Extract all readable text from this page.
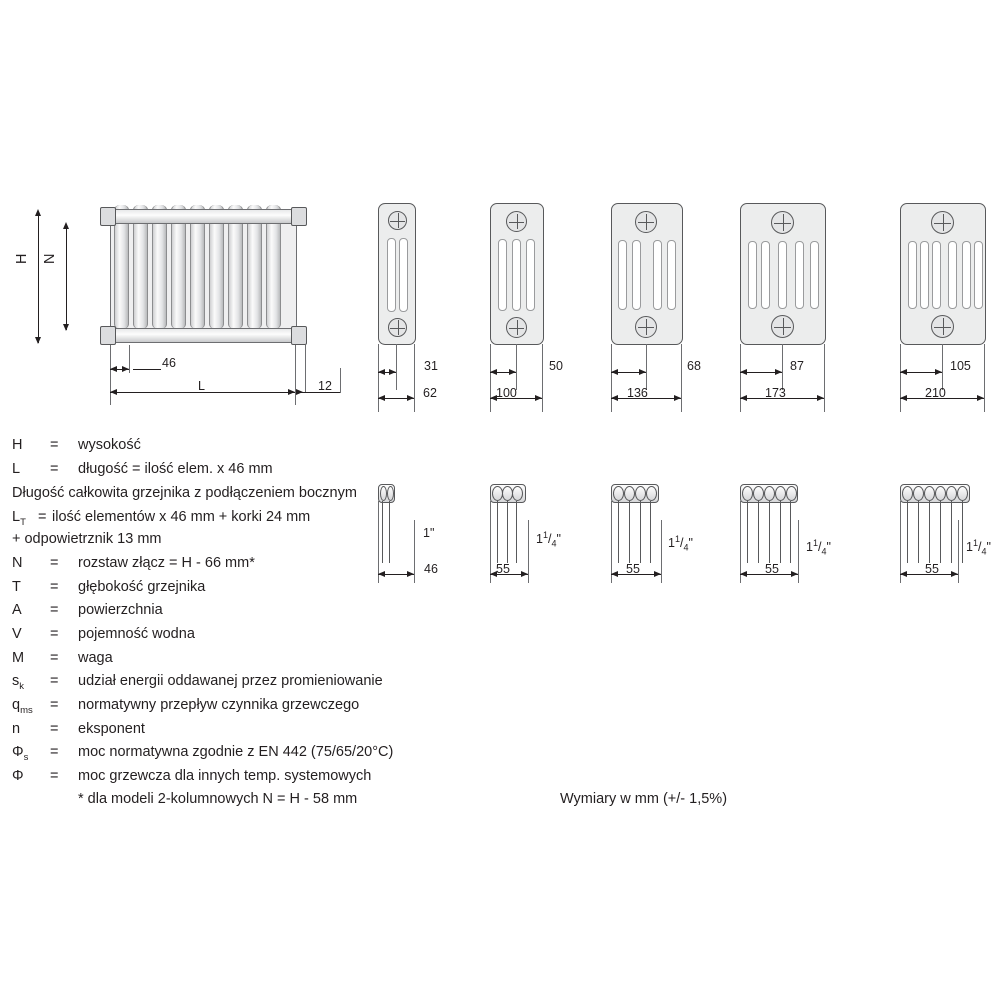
H N
46
L	12
31
62
50
100
68
136
87
173
105
210
1"
46
$1^1/_4$"
55
$1^1/_4$"
55
$1^1/_4$"
55
$1^1/_4$"
55
H = wysokość
L = długość = ilość elem. x 46 mm
Długość całkowita grzejnika z podłączeniem bocznym
$L_T$ = ilość elementów x 46 mm + korki 24 mm
+ odpowietrznik 13 mm
N = rozstaw złącz = H - 66 mm*
T = głębokość grzejnika
A = powierzchnia
V = pojemność wodna
M = waga
$s_k$ = udział energii oddawanej przez promieniowanie
$q_{ms}$ = normatywny przepływ czynnika grzewczego
n = eksponent
$\Phi_s$ = moc normatywna zgodnie z EN 442 (75/65/20°C)
Φ = moc grzewcza dla innych temp. systemowych
* dla modeli 2-kolumnowych N = H - 58 mm	Wymiary w mm (+/- 1,5%)
